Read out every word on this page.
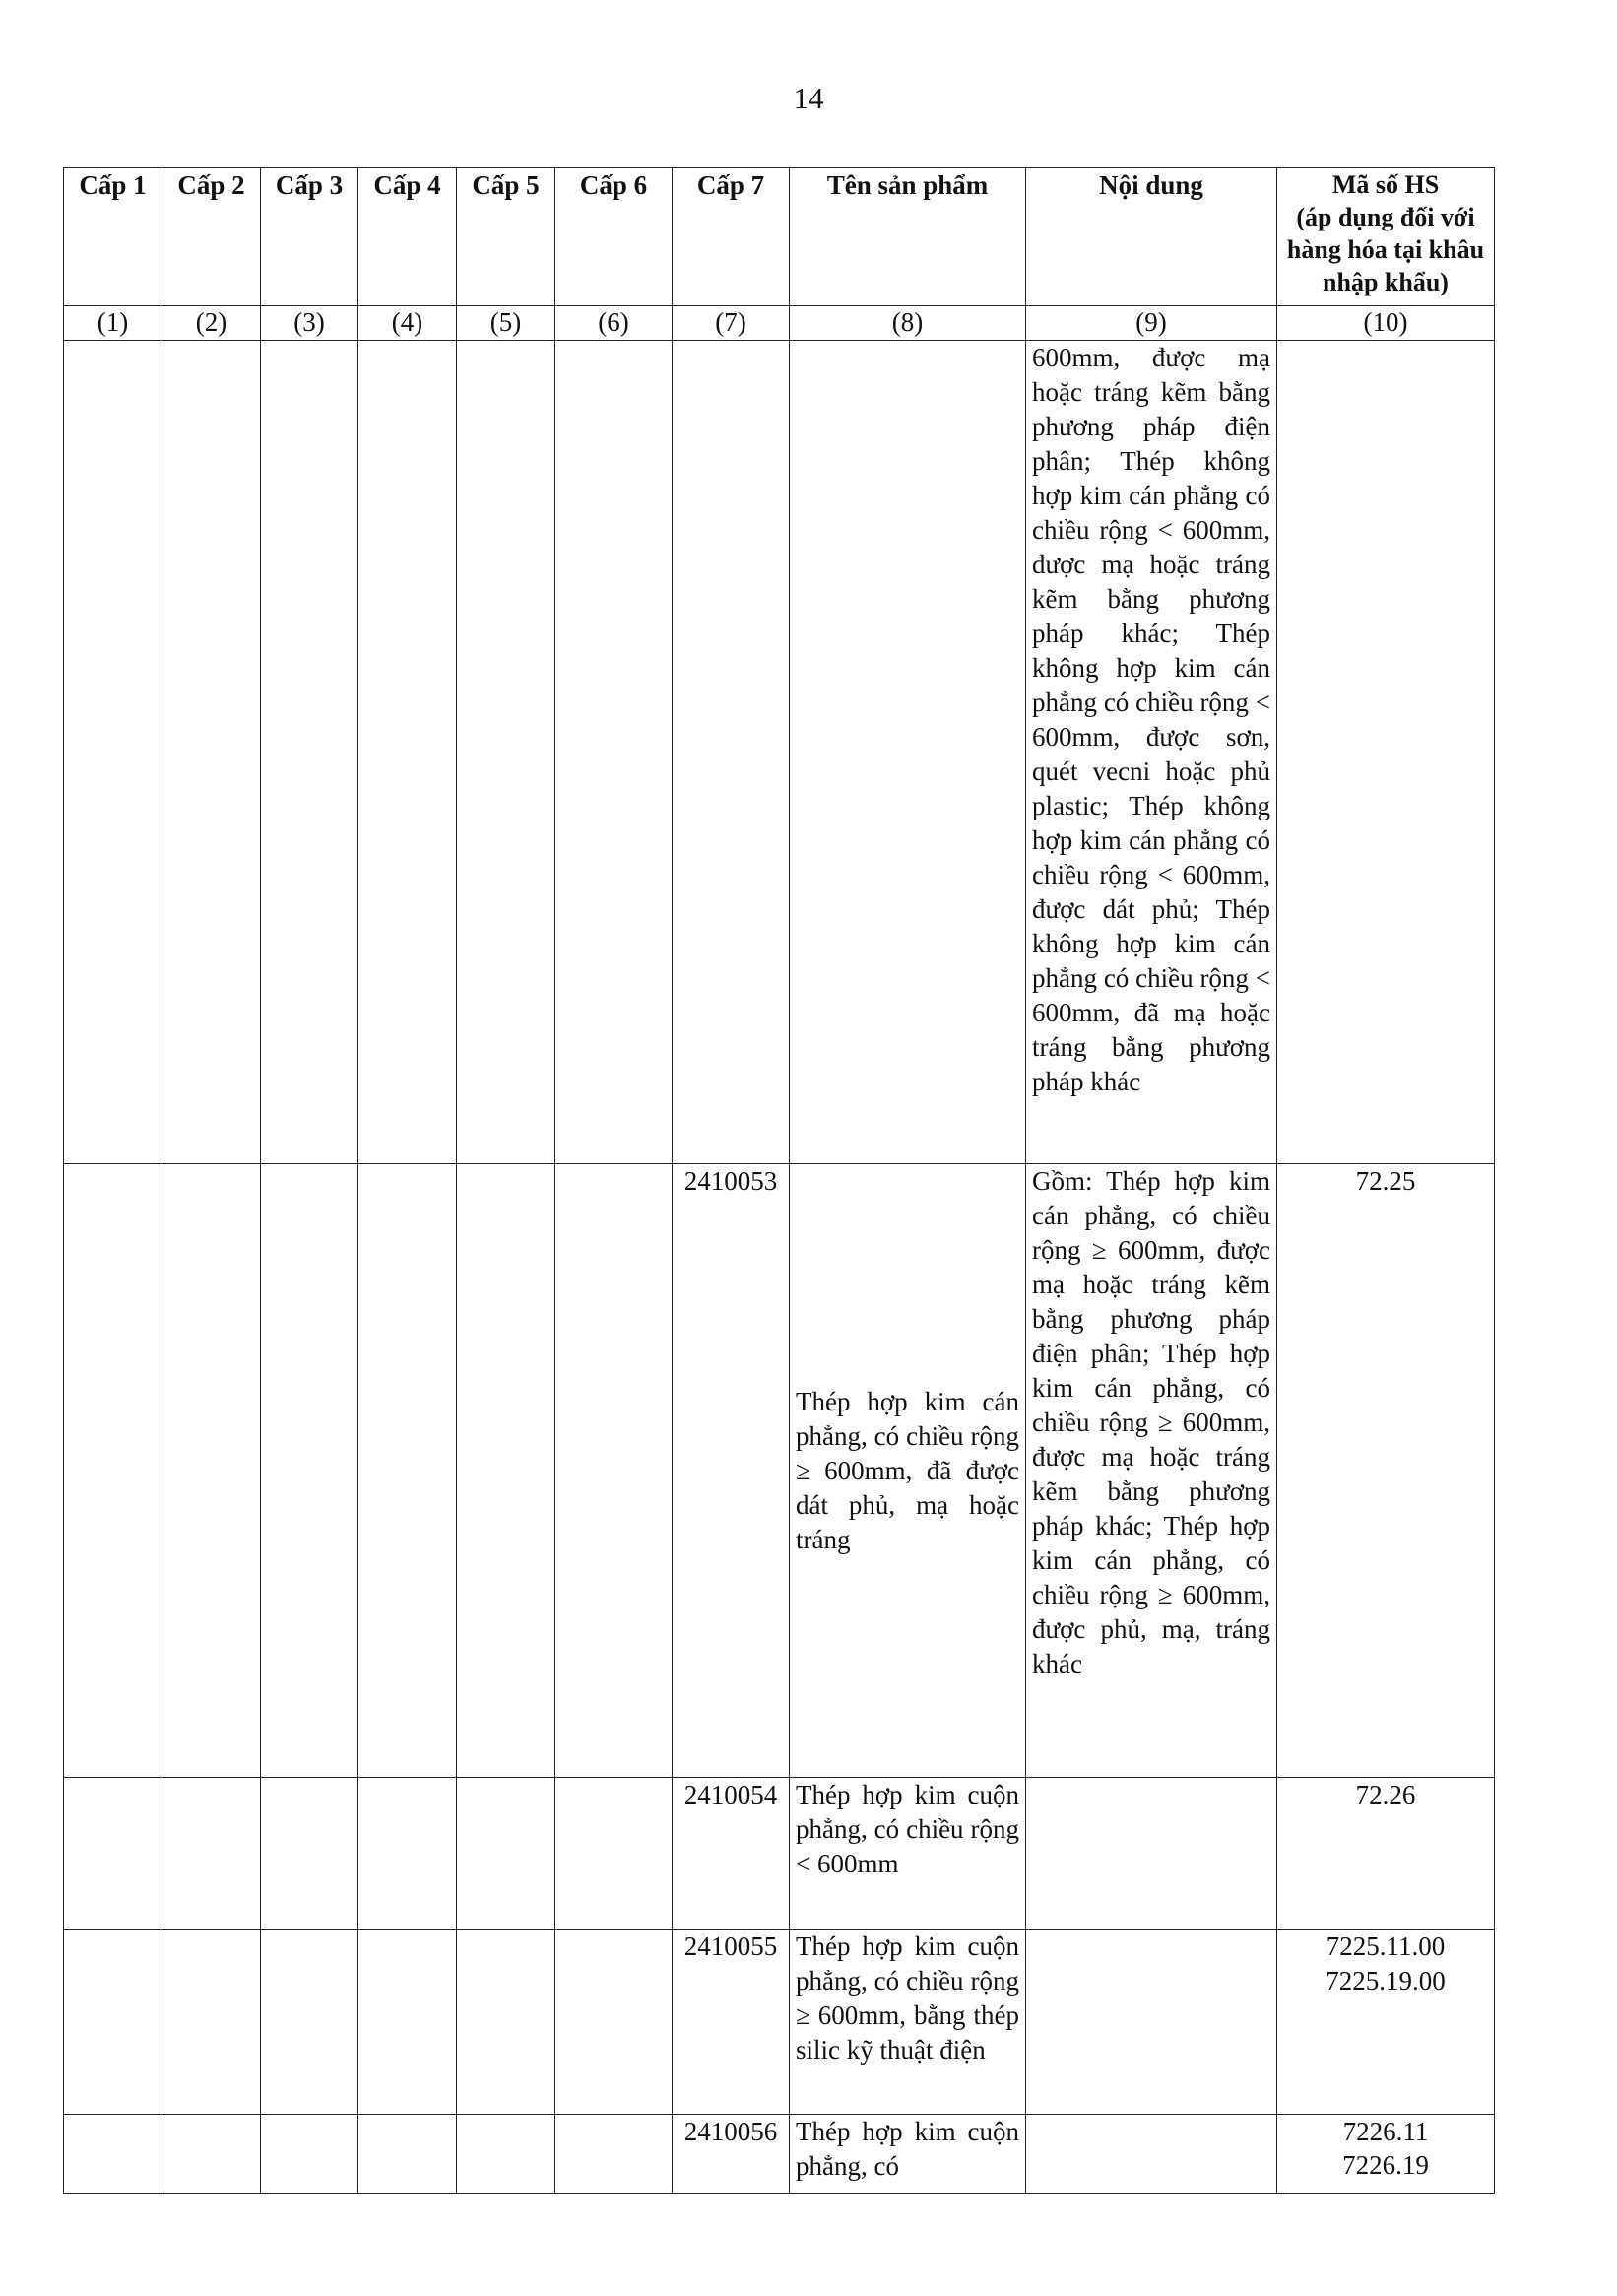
14
Cấp 1	Cấp 2	Cấp 3	Cấp 4	Cấp 5	Cấp 6	Cấp 7	Tên sản phẩm	Nội dung	Mã số HS
(áp dụng đối với hàng hóa tại khâu nhập khẩu)
(1)	(2)	(3)	(4)	(5)	(6)	(7)	(8)	(9)	(10)
								600mm, được mạ hoặc tráng kẽm bằng phương pháp điện phân; Thép không hợp kim cán phẳng có chiều rộng < 600mm, được mạ hoặc tráng kẽm bằng phương pháp khác; Thép không hợp kim cán phẳng có chiều rộng < 600mm, được sơn, quét vecni hoặc phủ plastic; Thép không hợp kim cán phẳng có chiều rộng < 600mm, được dát phủ; Thép không hợp kim cán phẳng có chiều rộng < 600mm, đã mạ hoặc tráng bằng phương pháp khác	
						2410053	Thép hợp kim cán phẳng, có chiều rộng ≥ 600mm, đã được dát phủ, mạ hoặc tráng	Gồm: Thép hợp kim cán phẳng, có chiều rộng ≥ 600mm, được mạ hoặc tráng kẽm bằng phương pháp điện phân; Thép hợp kim cán phẳng, có chiều rộng ≥ 600mm, được mạ hoặc tráng kẽm bằng phương pháp khác; Thép hợp kim cán phẳng, có chiều rộng ≥ 600mm, được phủ, mạ, tráng khác	72.25
						2410054	Thép hợp kim cuộn phẳng, có chiều rộng < 600mm		72.26
						2410055	Thép hợp kim cuộn phẳng, có chiều rộng ≥ 600mm, bằng thép silic kỹ thuật điện		7225.11.00
7225.19.00
						2410056	Thép hợp kim cuộn phẳng, có		7226.11
7226.19
